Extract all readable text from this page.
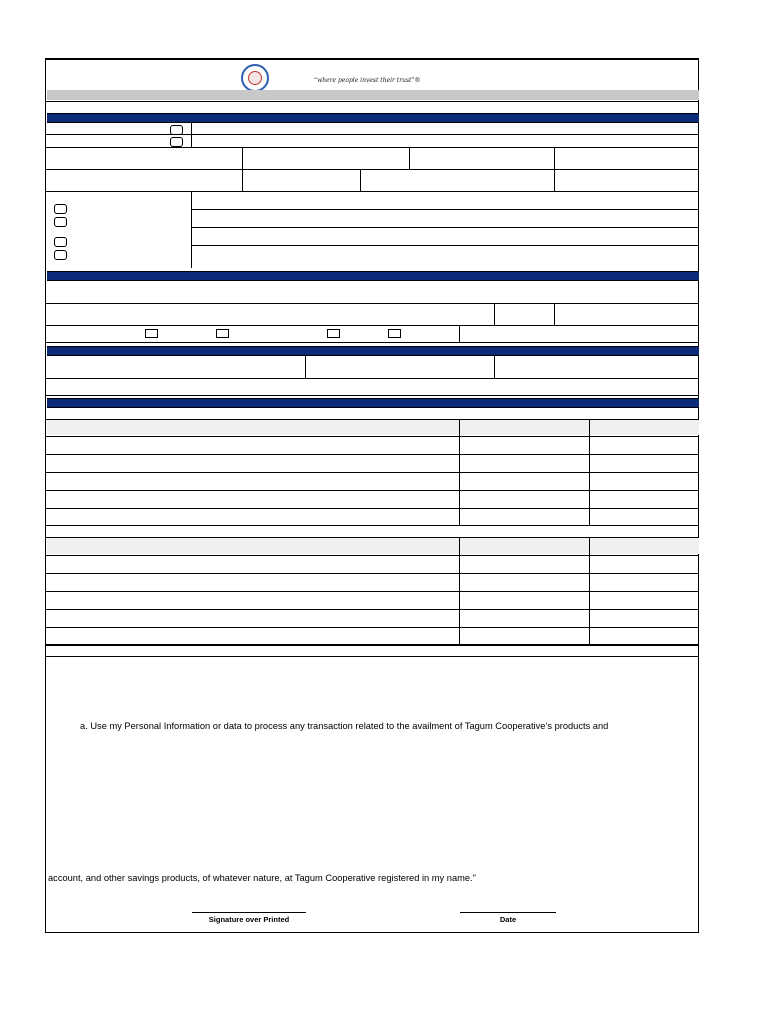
“where people invest their trust”®
a. Use my Personal Information or data to process any transaction related to the availment of Tagum Cooperative’s products and
account, and other savings products, of whatever nature, at Tagum Cooperative registered in my name."
Signature over Printed	Date
